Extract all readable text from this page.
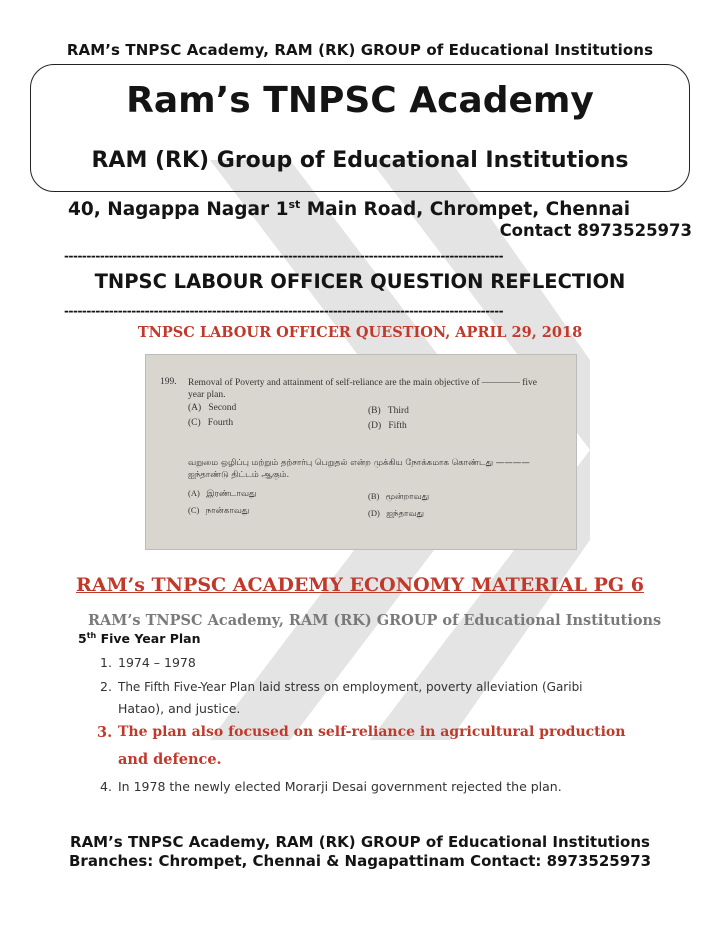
RAM’s TNPSC Academy, RAM (RK) GROUP of Educational Institutions
Ram’s TNPSC Academy
RAM (RK) Group of Educational Institutions
40, Nagappa Nagar 1st Main Road, Chrompet, Chennai
Contact 8973525973
--------------------------------------------------------------------------------------------------
TNPSC LABOUR OFFICER QUESTION REFLECTION
--------------------------------------------------------------------------------------------------
TNPSC LABOUR OFFICER QUESTION, APRIL 29, 2018
199. Removal of Poverty and attainment of self-reliance are the main objective of ———— five year plan.
(A) Second	(B) Third
(C) Fourth	(D) Fifth
வறுமை ஒழிப்பு மற்றும் தற்சார்பு பெறுதல் என்ற முக்கிய நோக்கமாக கொண்டது ———— ஐந்தாண்டு திட்டம் ஆகும்.
(A) இரண்டாவது	(B) மூன்றாவது
(C) நான்காவது	(D) ஐந்தாவது
RAM’s TNPSC ACADEMY ECONOMY MATERIAL PG 6
RAM’s TNPSC Academy, RAM (RK) GROUP of Educational Institutions
5th Five Year Plan
1. 1974 – 1978
2. The Fifth Five-Year Plan laid stress on employment, poverty alleviation (Garibi
Hatao), and justice.
3. The plan also focused on self-reliance in agricultural production
and defence.
4. In 1978 the newly elected Morarji Desai government rejected the plan.
RAM’s TNPSC Academy, RAM (RK) GROUP of Educational Institutions
Branches: Chrompet, Chennai & Nagapattinam Contact: 8973525973
